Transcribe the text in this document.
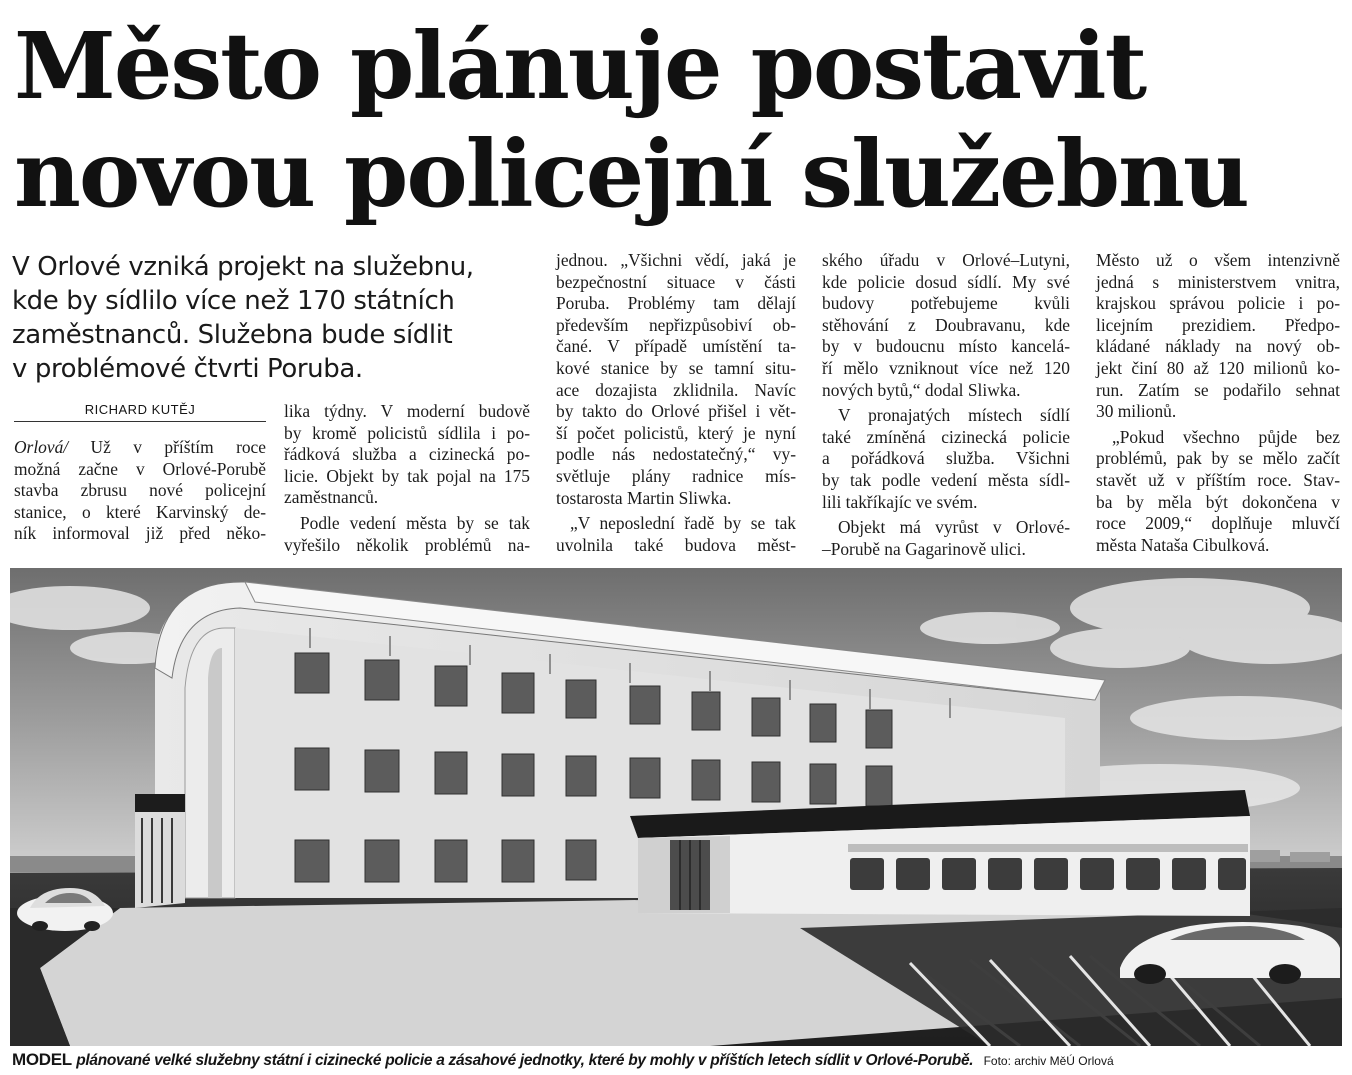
Město plánuje postavit
novou policejní služebnu
V Orlové vzniká projekt na služebnu,
kde by sídlilo více než 170 státních
zaměstnanců. Služebna bude sídlit
v problémové čtvrti Poruba.
RICHARD KUTĚJ

Orlová/ Už v příštím roce
možná začne v Orlové-Porubě
stavba zbrusu nové policejní
stanice, o které Karvinský de-
ník informoval již před něko-

lika týdny. V moderní budově
by kromě policistů sídlila i po-
řádková služba a cizinecká po-
licie. Objekt by tak pojal na 175
zaměstnanců.

Podle vedení města by se tak

vyřešilo několik problémů na-

jednou. „Všichni vědí, jaká je
bezpečnostní situace v části
Poruba. Problémy tam dělají
především nepřizpůsobiví ob-
čané. V případě umístění ta-
kové stanice by se tamní situ-
ace dozajista zklidnila. Navíc
by takto do Orlové přišel i vět-
ší počet policistů, který je nyní
podle nás nedostatečný,“ vy-
světluje plány radnice mís-
tostarosta Martin Sliwka.

„V neposlední řadě by se tak

uvolnila také budova měst-

ského úřadu v Orlové–Lutyni,
kde policie dosud sídlí. My své
budovy potřebujeme kvůli
stěhování z Doubravanu, kde
by v budoucnu místo kancelá-
ří mělo vzniknout více než 120
nových bytů,“ dodal Sliwka.

V pronajatých místech sídlí

také zmíněná cizinecká policie
a pořádková služba. Všichni
by tak podle vedení města sídl-
lili takříkajíc ve svém.

Objekt má vyrůst v Orlové-

–Porubě na Gagarinově ulici.

Město už o všem intenzivně
jedná s ministerstvem vnitra,
krajskou správou policie i po-
licejním prezidiem. Předpo-
kládané náklady na nový ob-
jekt činí 80 až 120 milionů ko-
run. Zatím se podařilo sehnat
30 milionů.

„Pokud všechno půjde bez

problémů, pak by se mělo začít
stavět už v příštím roce. Stav-
ba by měla být dokončena v
roce 2009,“ doplňuje mluvčí
města Nataša Cibulková.

MODEL plánované velké služebny státní i cizinecké policie a zásahové jednotky, které by mohly v příštích letech sídlit v Orlové-Porubě. Foto: archiv MěÚ Orlová
